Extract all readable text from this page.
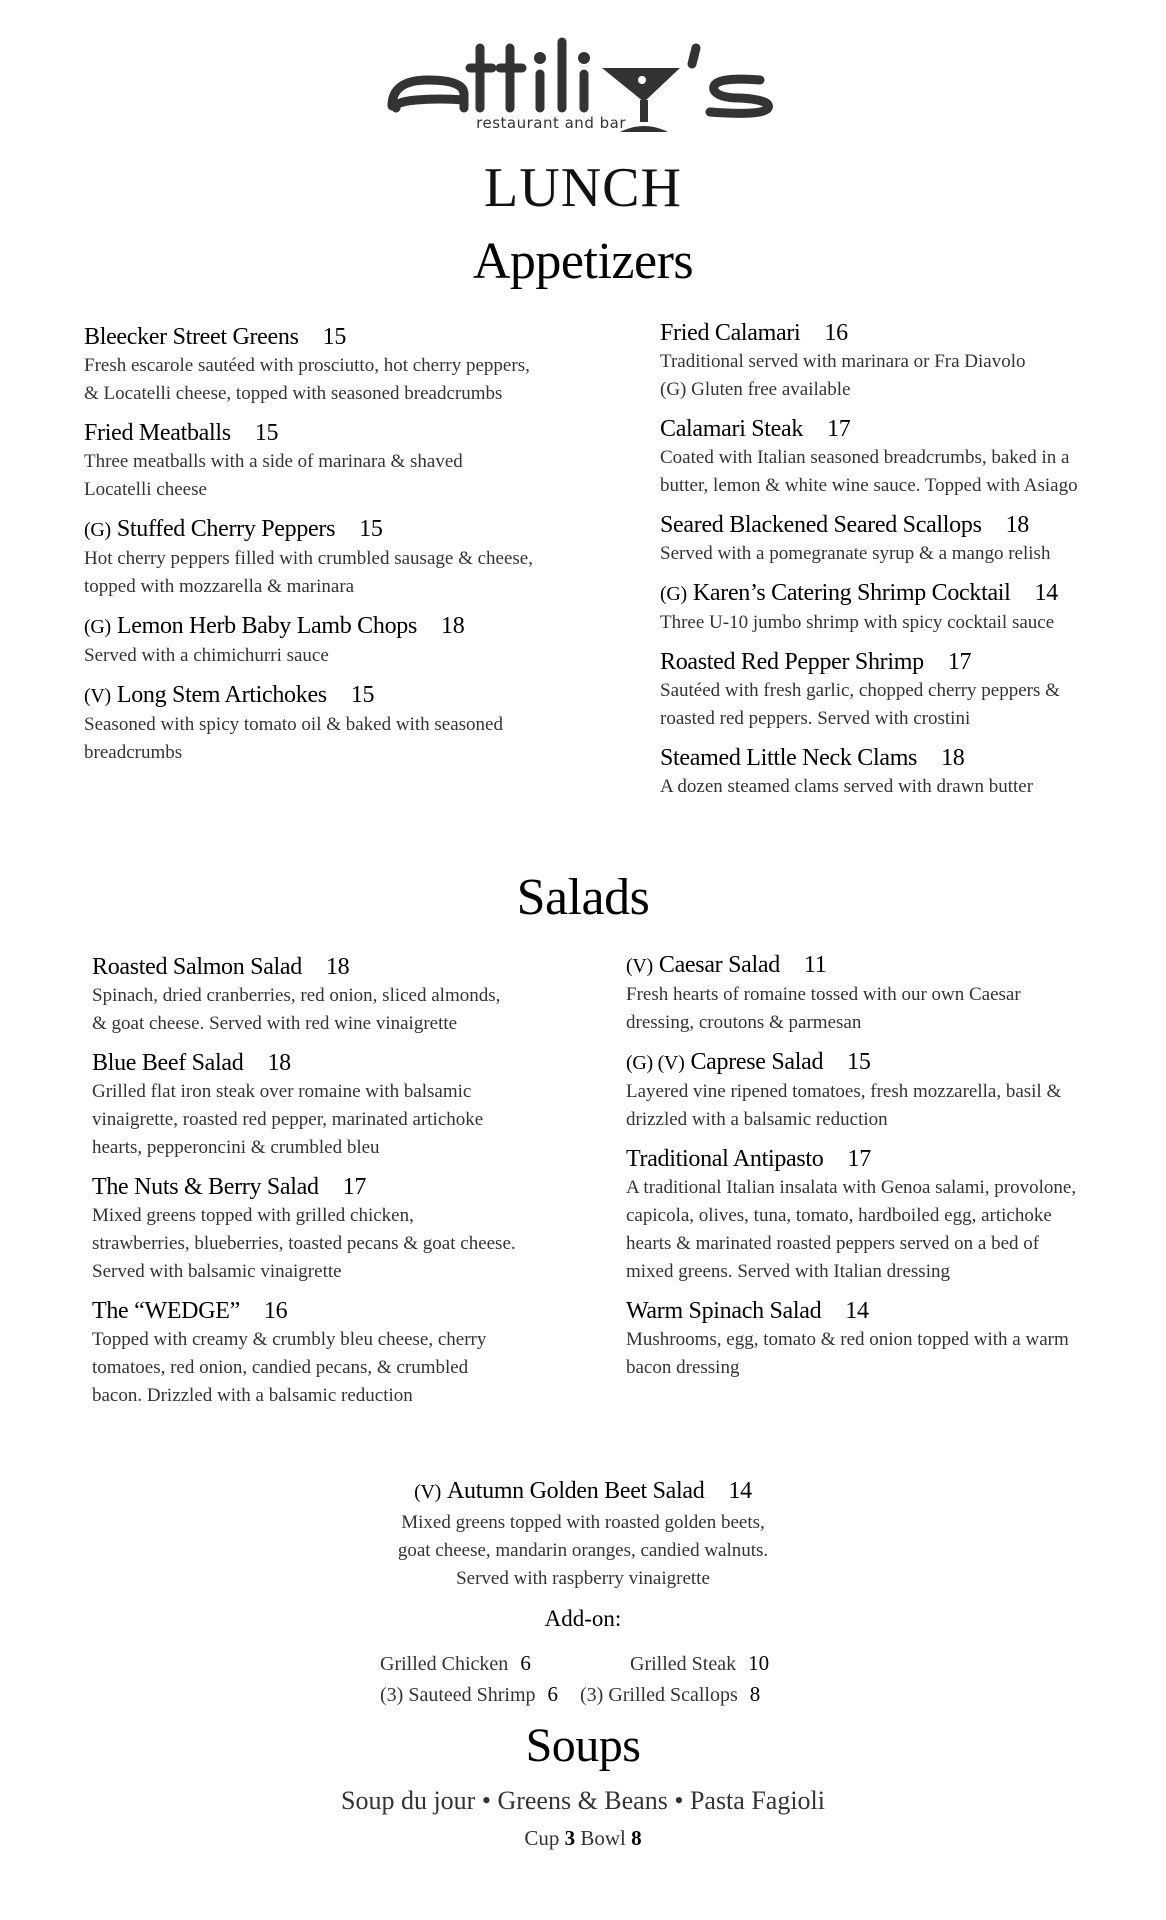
restaurant and bar
LUNCH
Appetizers
Bleecker Street Greens 15
Fresh escarole sautéed with prosciutto, hot cherry peppers,
& Locatelli cheese, topped with seasoned breadcrumbs
Fried Meatballs 15
Three meatballs with a side of marinara & shaved
Locatelli cheese
(G) Stuffed Cherry Peppers 15
Hot cherry peppers filled with crumbled sausage & cheese,
topped with mozzarella & marinara
(G) Lemon Herb Baby Lamb Chops 18
Served with a chimichurri sauce
(V) Long Stem Artichokes 15
Seasoned with spicy tomato oil & baked with seasoned
breadcrumbs
Fried Calamari 16
Traditional served with marinara or Fra Diavolo
(G) Gluten free available
Calamari Steak 17
Coated with Italian seasoned breadcrumbs, baked in a
butter, lemon & white wine sauce. Topped with Asiago
Seared Blackened Seared Scallops 18
Served with a pomegranate syrup & a mango relish
(G) Karen’s Catering Shrimp Cocktail 14
Three U-10 jumbo shrimp with spicy cocktail sauce
Roasted Red Pepper Shrimp 17
Sautéed with fresh garlic, chopped cherry peppers &
roasted red peppers. Served with crostini
Steamed Little Neck Clams 18
A dozen steamed clams served with drawn butter
Salads
Roasted Salmon Salad 18
Spinach, dried cranberries, red onion, sliced almonds,
& goat cheese. Served with red wine vinaigrette
Blue Beef Salad 18
Grilled flat iron steak over romaine with balsamic
vinaigrette, roasted red pepper, marinated artichoke
hearts, pepperoncini & crumbled bleu
The Nuts & Berry Salad 17
Mixed greens topped with grilled chicken,
strawberries, blueberries, toasted pecans & goat cheese.
Served with balsamic vinaigrette
The “WEDGE” 16
Topped with creamy & crumbly bleu cheese, cherry
tomatoes, red onion, candied pecans, & crumbled
bacon. Drizzled with a balsamic reduction
(V) Caesar Salad 11
Fresh hearts of romaine tossed with our own Caesar
dressing, croutons & parmesan
(G) (V) Caprese Salad 15
Layered vine ripened tomatoes, fresh mozzarella, basil &
drizzled with a balsamic reduction
Traditional Antipasto 17
A traditional Italian insalata with Genoa salami, provolone,
capicola, olives, tuna, tomato, hardboiled egg, artichoke
hearts & marinated roasted peppers served on a bed of
mixed greens. Served with Italian dressing
Warm Spinach Salad 14
Mushrooms, egg, tomato & red onion topped with a warm
bacon dressing
(V) Autumn Golden Beet Salad 14
Mixed greens topped with roasted golden beets,
goat cheese, mandarin oranges, candied walnuts.
Served with raspberry vinaigrette
Add-on:
Grilled Chicken 6	Grilled Steak 10
(3) Sauteed Shrimp 6	(3) Grilled Scallops 8
Soups
Soup du jour • Greens & Beans • Pasta Fagioli
Cup 3 Bowl 8
